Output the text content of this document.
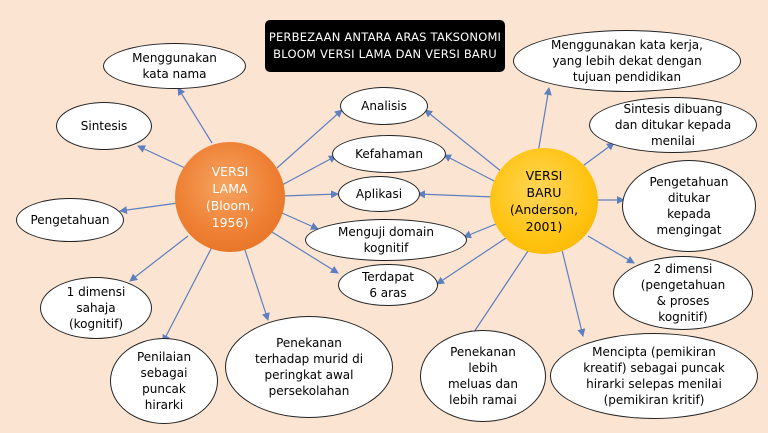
PERBEZAAN ANTARA ARAS TAKSONOMI
BLOOM VERSI LAMA DAN VERSI BARU
VERSI
LAMA
(Bloom,
1956)
VERSI
BARU
(Anderson,
2001)
Analisis
Kefahaman
Aplikasi
Menguji domain
kognitif
Terdapat
6 aras
Menggunakan
kata nama
Sintesis
Pengetahuan
1 dimensi
sahaja
(kognitif)
Penilaian
sebagai
puncak
hirarki
Penekanan
terhadap murid di
peringkat awal
persekolahan
Menggunakan kata kerja,
yang lebih dekat dengan
tujuan pendidikan
Sintesis dibuang
dan ditukar kepada
menilai
Pengetahuan
ditukar
kepada
mengingat
2 dimensi
(pengetahuan
& proses
kognitif)
Mencipta (pemikiran
kreatif) sebagai puncak
hirarki selepas menilai
(pemikiran kritif)
Penekanan
lebih
meluas dan
lebih ramai
